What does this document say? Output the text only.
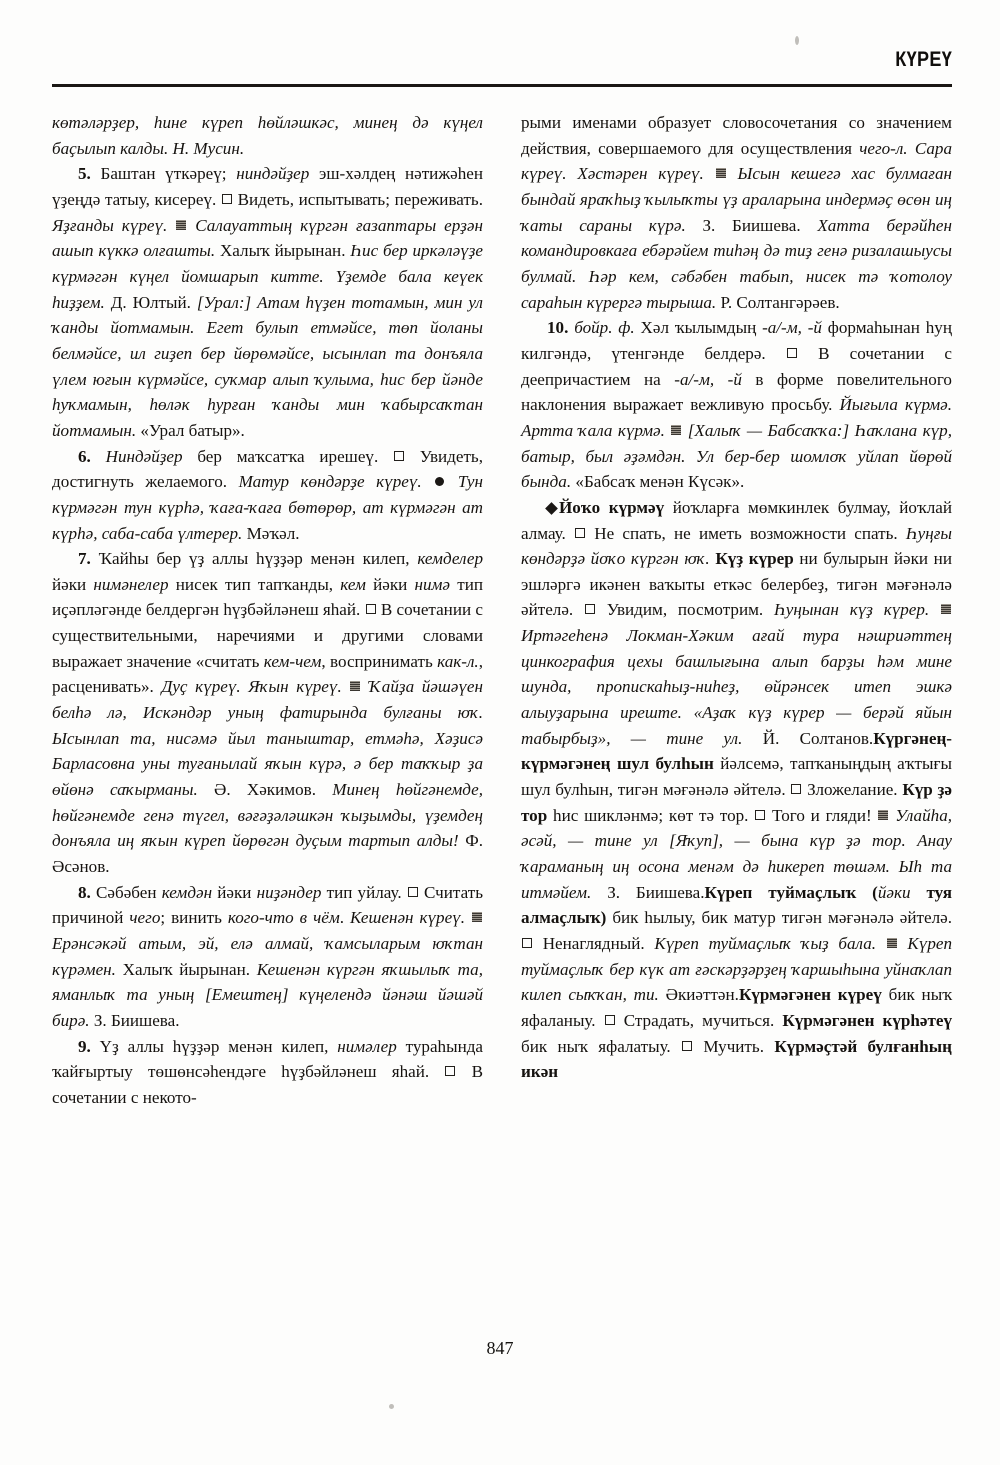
КҮРЕҮ

көтәләрҙер, һине күреп һөйләшкәс, минең дә күңел баҫылып калды. Н. Мусин.

5. Баштан үткәреү; ниндәйҙер эш-хәлдең нәтижәһен үҙеңдә татыу, кисереү.  Видеть, испытывать; переживать. Яҙғанды күреү.  Салауаттың күргән ғазаптары ерҙән ашып күккә олғашты. Халыҡ йырынан. Һис бер иркәләүҙе күрмәгән күңел йомшарып китте. Үҙемде бала кеүек һиҙҙем. Д. Юлтый. [Урал:] Атам һүҙен тотамын, мин ул ҡанды йотмамын. Егет булып етмәйсе, төп йоланы белмәйсе, ил гиҙеп бер йөрөмәйсе, ысынлап та донъяла үлем юғын күрмәйсе, суҡмар алып ҡулыма, һис бер йәнде һуҡмамын, һөләк һурған ҡанды мин ҡабырсаҡтан йотмамын. «Урал батыр».

6. Ниндәйҙер бер маҡсатҡа ирешеү.  Увидеть, достигнуть желаемого. Матур көндәрҙе күреү.  Тун күрмәгән тун күрһә, ҡаға-ҡаға бөтөрөр, ат күрмәгән ат күрһә, саба-саба үлтерер. Мәҡәл.

7. Ҡайһы бер үҙ аллы һүҙҙәр менән килеп, кемделер йәки нимәнелер нисек тип тапҡанды, кем йәки нимә тип иҫәпләгәнде белдергән һүҙбәйләнеш яһай.  В сочетании с существительными, наречиями и другими словами выражает значение «считать кем-чем, воспринимать как-л., расценивать». Дуҫ күреү. Яҡын күреү.  Ҡайҙа йәшәүен белһә лә, Искәндәр уның фатирында булғаны юҡ. Ысынлап та, нисәмә йыл таныштар, етмәһә, Хәҙисә Барласовна уны туғанылай яҡын күрә, ә бер таҡҡыр ҙа өйөнә саҡырманы. Ә. Хәкимов. Минең һөйгәнемде, һөйгәнемде генә түгел, вәғәҙәләшкән ҡыҙымды, үҙемдең донъяла иң яҡын күреп йөрөгән дуҫым тартып алды! Ф. Әсәнов.

8. Сәбәбен кемдән йәки ниҙәндер тип уйлау.  Считать причиной чего; винить кого-что в чём. Кешенән күреү.  Ерәнсәкәй атым, эй, елә алмай, ҡамсыларым юҡтан күрәмен. Халыҡ йырынан. Кешенән күргән яҡшылыҡ та, яманлыҡ та уның [Емештең] күңелендә йәнәш йәшәй бирә. З. Биишева.

9. Үҙ аллы һүҙҙәр менән килеп, нимәлер тураһында ҡайғыртыу төшөнсәһендәге һүҙбәйләнеш яһай.  В сочетании с некото-

рыми именами образует словосочетания со значением действия, совершаемого для осуществления чего-л. Сара күреү. Хәстәрен күреү.  Ысын кешегә хас булмаған бындай яраҡһыҙ ҡылыҡты үҙ араларына индермәҫ өсөн иң ҡаты сараны күрә. З. Биишева. Хатта берәйһен командировкаға ебәрәйем тиһәң дә тиҙ генә ризалашыусы булмай. Һәр кем, сәбәбен табып, нисек тә ҡотолоу сараһын күрергә тырыша. Р. Солтангәрәев.

10. бойр. ф. Хәл ҡылымдың -а/-м, -й формаһынан һуң килгәндә, үтенгәнде белдерә.  В сочетании с деепричастием на -а/-м, -й в форме повелительного наклонения выражает вежливую просьбу. Йығыла күрмә. Артта ҡала күрмә.  [Халыҡ — Бабсаҡҡа:] Һаҡлана күр, батыр, был әҙәмдән. Ул бер-бер шомлоҡ уйлап йөрөй бында. «Бабсаҡ менән Күсәк».

Йоҡо күрмәү йоҡларға мөмкинлек булмау, йоҡлай алмау.  Не спать, не иметь возможности спать. Һуңғы көндәрҙә йоҡо күргән юҡ. Күҙ күрер ни булырын йәки ни эшләргә икәнен ваҡыты еткәс белербеҙ, тигән мәғәнәлә әйтелә.  Увидим, посмотрим. Һуңынан күҙ күрер.  Иртәгеһенә Локман-Хәким ағай тура нәшриәттең цинкография цехы башлығына алып барҙы һәм мине шунда, пропискаһыҙ-ниһеҙ, өйрәнсек итеп эшкә алыуҙарына иреште. «Аҙаҡ күҙ күрер — берәй яйын табырбыҙ», — тине ул. Й. Солтанов.Күргәнең-күрмәгәнең шул булһын йәлсемә, тапҡаныңдың аҡтығы шул булһын, тигән мәғәнәлә әйтелә.  Зложелание. Күр ҙә тор һис шикләнмә; көт тә тор.  Того и гляди!  Улайһа, әсәй, — тине ул [Яҡуп], — бына күр ҙә тор. Анау ҡараманың иң осона менәм дә һикереп төшәм. Ыһ та итмәйем. З. Биишева.Күреп туймаҫлыҡ (йәки туя алмаҫлыҡ) бик һылыу, бик матур тигән мәғәнәлә әйтелә.  Ненаглядный. Күреп туймаҫлыҡ ҡыҙ бала.  Күреп туймаҫлыҡ бер күк ат ғәскәрҙәрҙең ҡаршыһына уйнаҡлап килеп сыҡҡан, ти. Әкиәттән.Күрмәгәнен күреү бик ныҡ яфаланыу.  Страдать, мучиться. Күрмәгәнен күрһәтеү бик ныҡ яфалатыу.  Мучить. Күрмәҫтәй булғанһың икән

847
